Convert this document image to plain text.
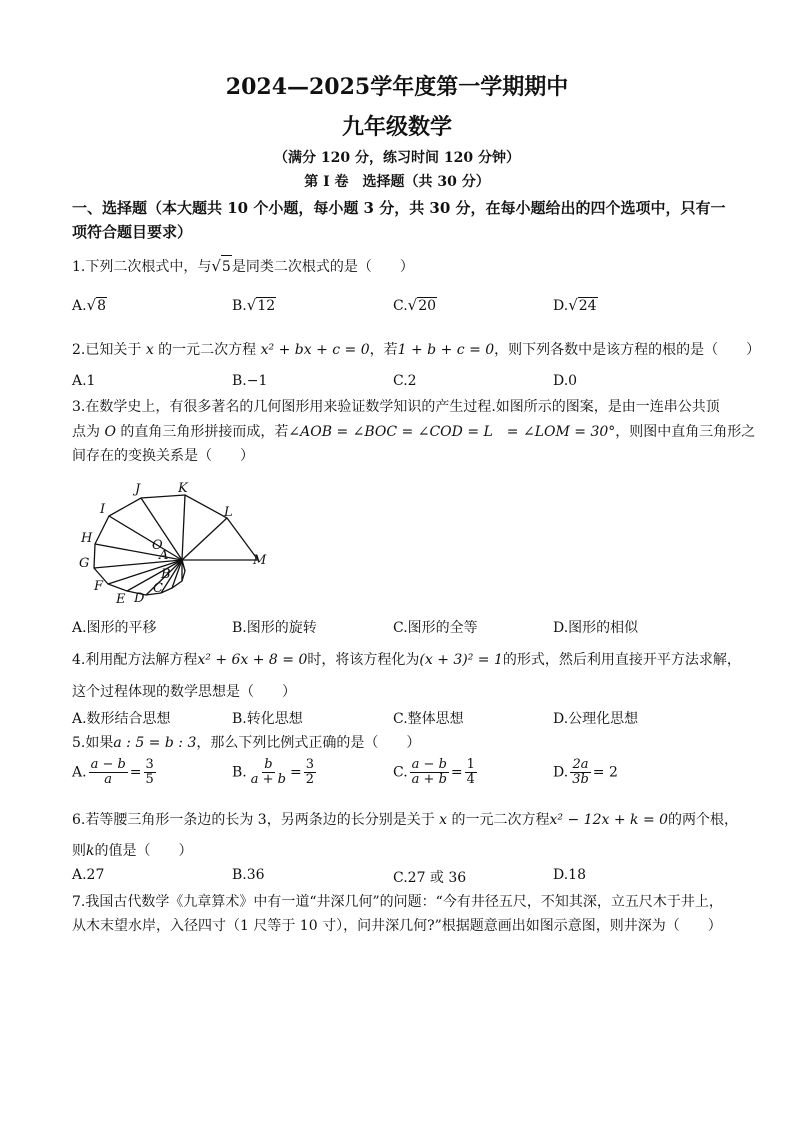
2024—2025学年度第一学期期中
九年级数学
（满分 120 分，练习时间 120 分钟）
第 I 卷　选择题（共 30 分）
一、选择题（本大题共 10 个小题，每小题 3 分，共 30 分，在每小题给出的四个选项中，只有一项符合题目要求）
1.下列二次根式中，与√5是同类二次根式的是（　　）
A.√8	B.√12	C.√20	D.√24
2.已知关于 x 的一元二次方程 x² + bx + c = 0，若1 + b + c = 0，则下列各数中是该方程的根的是（　　）
A.1	B.−1	C.2	D.0
3.在数学史上，有很多著名的几何图形用来验证数学知识的产生过程.如图所示的图案，是由一连串公共顶
点为 O 的直角三角形拼接而成，若∠AOB = ∠BOC = ∠COD = L　= ∠LOM = 30°，则图中直角三角形之
间存在的变换关系是（　　）
J	K
I	L
H	O
A
G	M
B
F	C
E D
A.图形的平移	B.图形的旋转	C.图形的全等	D.图形的相似
4.利用配方法解方程x² + 6x + 8 = 0时，将该方程化为(x + 3)² = 1的形式，然后利用直接开平方法求解，
这个过程体现的数学思想是（　　）
A.数形结合思想	B.转化思想	C.整体思想	D.公理化思想
5.如果a : 5 = b : 3，那么下列比例式正确的是（　　）
A. $\frac{a - b}{a} = \frac{3}{5}$	B. $\frac{b}{a + b} = \frac{3}{2}$	C. $\frac{a - b}{a + b} = \frac{1}{4}$	D. $\frac{2a}{3b} = 2$
6.若等腰三角形一条边的长为 3，另两条边的长分别是关于 x 的一元二次方程x² − 12x + k = 0的两个根，
则k的值是（　　）
A.27	B.36	C.27 或 36	D.18
7.我国古代数学《九章算术》中有一道“井深几何”的问题：“今有井径五尺，不知其深，立五尺木于井上，
从木末望水岸，入径四寸（1 尺等于 10 寸），问井深几何?”根据题意画出如图示意图，则井深为（　　）
